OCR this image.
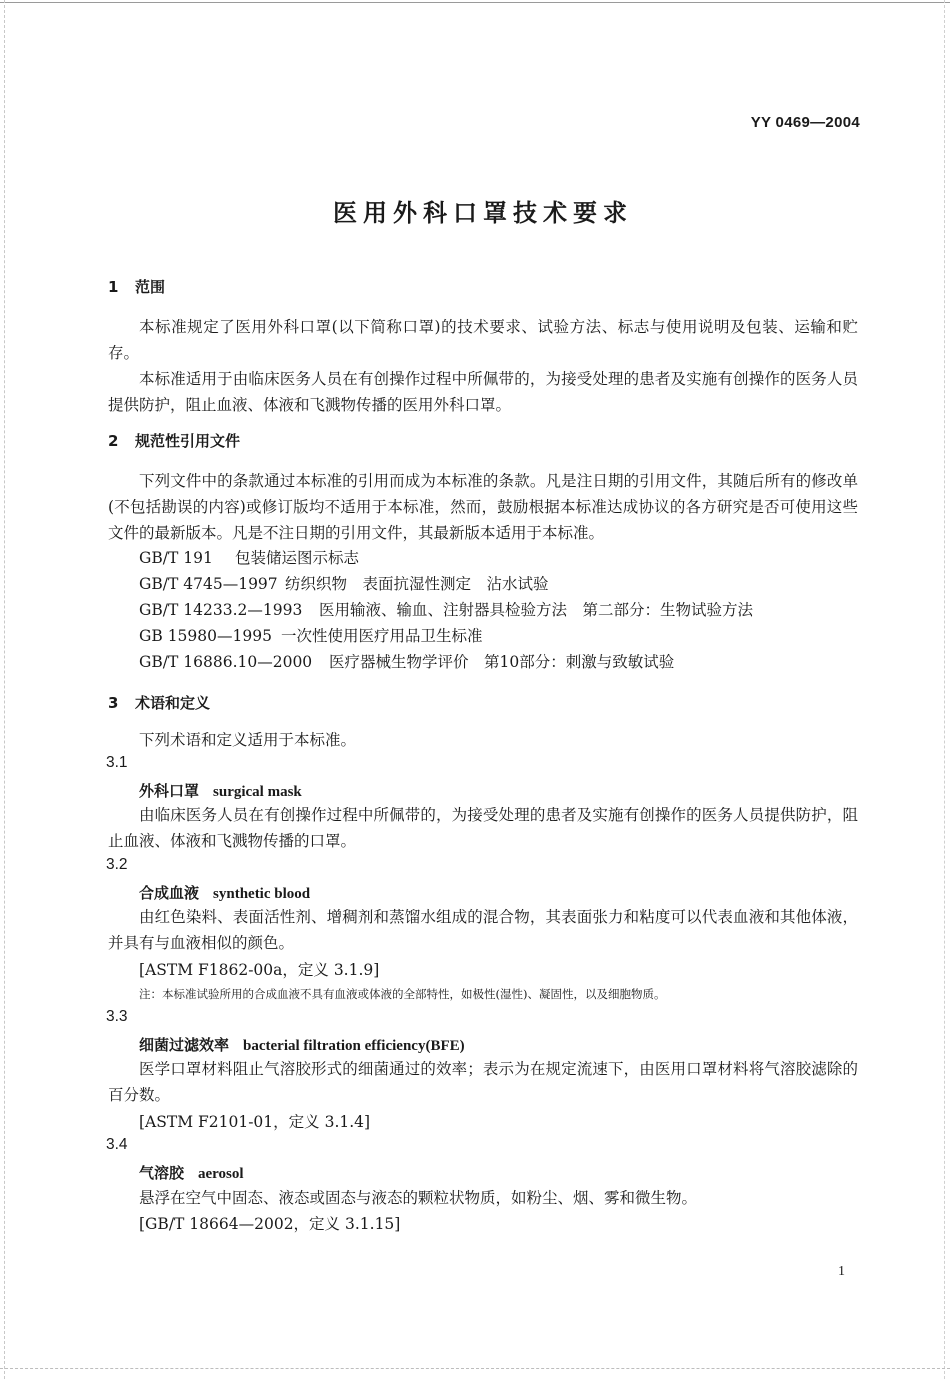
YY 0469—2004
医用外科口罩技术要求
1 范围

本标准规定了医用外科口罩(以下简称口罩)的技术要求、试验方法、标志与使用说明及包装、运输和贮存。

本标准适用于由临床医务人员在有创操作过程中所佩带的，为接受处理的患者及实施有创操作的医务人员提供防护，阻止血液、体液和飞溅物传播的医用外科口罩。

2 规范性引用文件

下列文件中的条款通过本标准的引用而成为本标准的条款。凡是注日期的引用文件，其随后所有的修改单(不包括勘误的内容)或修订版均不适用于本标准，然而，鼓励根据本标准达成协议的各方研究是否可使用这些文件的最新版本。凡是不注日期的引用文件，其最新版本适用于本标准。

GB/T 191 包装储运图示标志
GB/T 4745—1997 纺织织物　表面抗湿性测定　沾水试验
GB/T 14233.2—1993 医用输液、输血、注射器具检验方法　第二部分：生物试验方法
GB 15980—1995 一次性使用医疗用品卫生标准
GB/T 16886.10—2000 医疗器械生物学评价　第10部分：刺激与致敏试验
3 术语和定义
下列术语和定义适用于本标准。
3.1
外科口罩 surgical mask

由临床医务人员在有创操作过程中所佩带的，为接受处理的患者及实施有创操作的医务人员提供防护，阻止血液、体液和飞溅物传播的口罩。

3.2
合成血液 synthetic blood

由红色染料、表面活性剂、增稠剂和蒸馏水组成的混合物，其表面张力和粘度可以代表血液和其他体液，并具有与血液相似的颜色。

[ASTM F1862-00a，定义 3.1.9]
注：本标准试验所用的合成血液不具有血液或体液的全部特性，如极性(湿性)、凝固性，以及细胞物质。
3.3
细菌过滤效率 bacterial filtration efficiency(BFE)

医学口罩材料阻止气溶胶形式的细菌通过的效率；表示为在规定流速下，由医用口罩材料将气溶胶滤除的百分数。

[ASTM F2101-01，定义 3.1.4]
3.4
气溶胶 aerosol
悬浮在空气中固态、液态或固态与液态的颗粒状物质，如粉尘、烟、雾和微生物。
[GB/T 18664—2002，定义 3.1.15]
1
